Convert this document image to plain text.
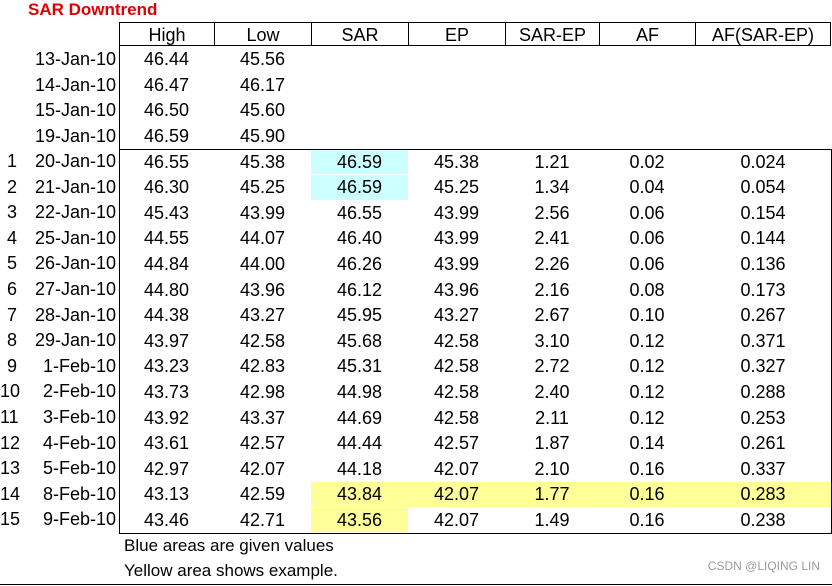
SAR Downtrend
High	Low	SAR	EP	SAR-EP	AF	AF(SAR-EP)
13-Jan-10	46.44	45.56
14-Jan-10	46.47	46.17
15-Jan-10	46.50	45.60
19-Jan-10	46.59	45.90
1 20-Jan-10	46.55	45.38	46.59	45.38	1.21	0.02	0.024
2 21-Jan-10	46.30	45.25	46.59	45.25	1.34	0.04	0.054
3 22-Jan-10	45.43	43.99	46.55	43.99	2.56	0.06	0.154
4 25-Jan-10	44.55	44.07	46.40	43.99	2.41	0.06	0.144
5 26-Jan-10	44.84	44.00	46.26	43.99	2.26	0.06	0.136
6 27-Jan-10	44.80	43.96	46.12	43.96	2.16	0.08	0.173
7 28-Jan-10	44.38	43.27	45.95	43.27	2.67	0.10	0.267
8 29-Jan-10	43.97	42.58	45.68	42.58	3.10	0.12	0.371
9	1-Feb-10	43.23	42.83	45.31	42.58	2.72	0.12	0.327
10	2-Feb-10	43.73	42.98	44.98	42.58	2.40	0.12	0.288
11	3-Feb-10	43.92	43.37	44.69	42.58	2.11	0.12	0.253
12	4-Feb-10	43.61	42.57	44.44	42.57	1.87	0.14	0.261
13	5-Feb-10	42.97	42.07	44.18	42.07	2.10	0.16	0.337
14	8-Feb-10	43.13	42.59	43.84	42.07	1.77	0.16	0.283
15	9-Feb-10	43.46	42.71	43.56	42.07	1.49	0.16	0.238
Blue areas are given values
Yellow area shows example.	CSDN @LIQING LIN
